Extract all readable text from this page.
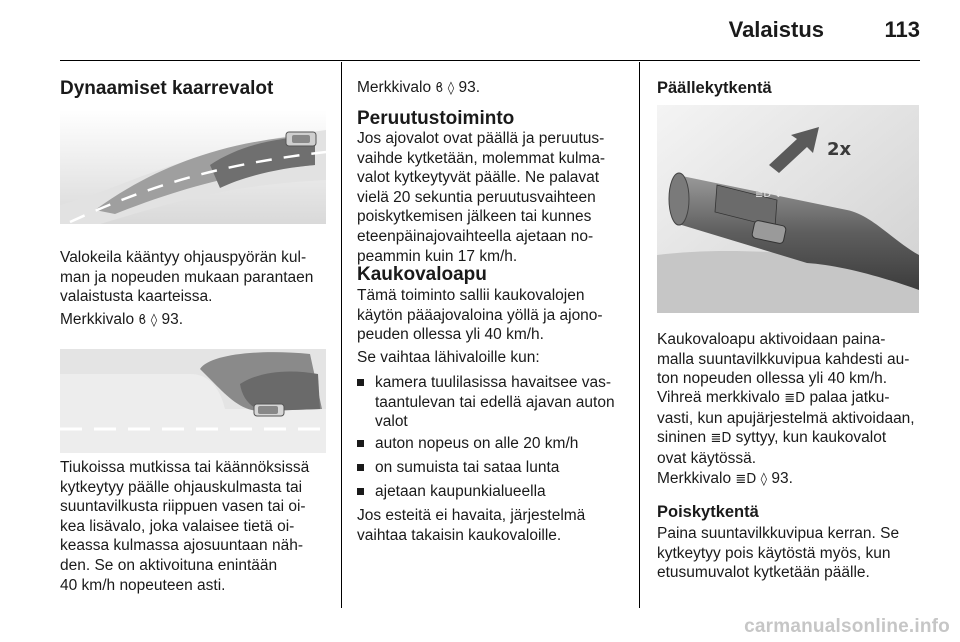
Valaistus	113
Dynaamiset kaarrevalot
Valokeila kääntyy ohjauspyörän kul-
man ja nopeuden mukaan parantaen
valaistusta kaarteissa.
Merkkivalo ϐ ◊ 93.
Tiukoissa mutkissa tai käännöksissä
kytkeytyy päälle ohjauskulmasta tai
suuntavilkusta riippuen vasen tai oi-
kea lisävalo, joka valaisee tietä oi-
keassa kulmassa ajosuuntaan näh-
den. Se on aktivoituna enintään
40 km/h nopeuteen asti.
Merkkivalo ϐ ◊ 93.
Peruutustoiminto
Jos ajovalot ovat päällä ja peruutus-
vaihde kytketään, molemmat kulma-
valot kytkeytyvät päälle. Ne palavat
vielä 20 sekuntia peruutusvaihteen
poiskytkemisen jälkeen tai kunnes
eteenpäinajovaihteella ajetaan no-
peammin kuin 17 km/h.
Kaukovaloapu
Tämä toiminto sallii kaukovalojen
käytön pääajovaloina yöllä ja ajono-
peuden ollessa yli 40 km/h.
Se vaihtaa lähivaloille kun:
kamera tuulilasissa havaitsee vas-
taantulevan tai edellä ajavan auton
valot
auton nopeus on alle 20 km/h
on sumuista tai sataa lunta
ajetaan kaupunkialueella
Jos esteitä ei havaita, järjestelmä
vaihtaa takaisin kaukovaloille.
Päällekytkentä
≣D ↕
2x
Kaukovaloapu aktivoidaan paina-
malla suuntavilkkuvipua kahdesti au-
ton nopeuden ollessa yli 40 km/h.
Vihreä merkkivalo ≣D palaa jatku-
vasti, kun apujärjestelmä aktivoidaan,
sininen ≣D syttyy, kun kaukovalot
ovat käytössä.
Merkkivalo ≣D ◊ 93.
Poiskytkentä
Paina suuntavilkkuvipua kerran. Se
kytkeytyy pois käytöstä myös, kun
etusumuvalot kytketään päälle.
carmanualsonline.info
